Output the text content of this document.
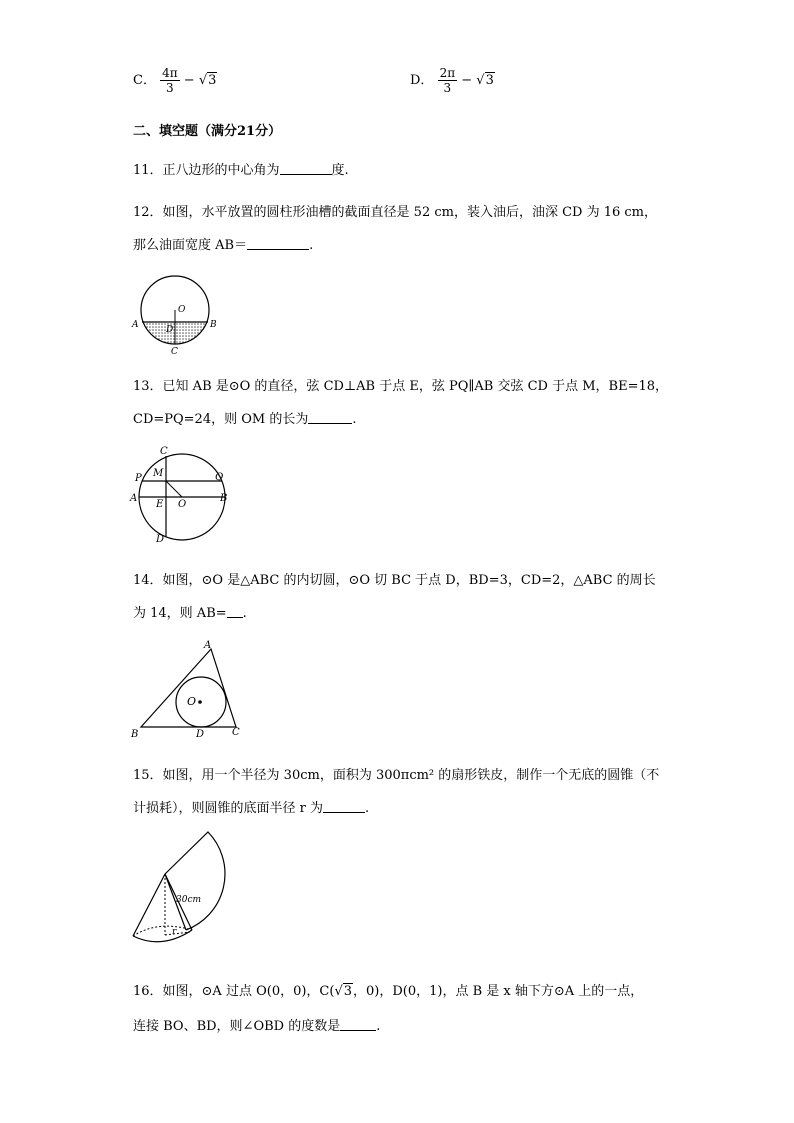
C． $\frac{4\pi}{3} - √3$	D． $\frac{2\pi}{3} - √3$
二、填空题（满分21分）
11．正八边形的中心角为	度.
12．如图，水平放置的圆柱形油槽的截面直径是 52 cm，装入油后，油深 CD 为 16 cm，
那么油面宽度 AB＝	.
O
A	B
D
C
13．已知 AB 是⊙O 的直径，弦 CD⊥AB 于点 E，弦 PQ∥AB 交弦 CD 于点 M，BE=18，
CD=PQ=24，则 OM 的长为	.
C
P M	Q
A
E O
B
D
14．如图，⊙O 是△ABC 的内切圆，⊙O 切 BC 于点 D，BD=3，CD=2，△ABC 的周长
为 14，则 AB= .
A
O
B	D	C
15．如图，用一个半径为 30cm，面积为 300πcm² 的扇形铁皮，制作一个无底的圆锥（不
计损耗），则圆锥的底面半径 r 为	.
30cm
r
16．如图，⊙A 过点 O(0，0)，C(√3，0)，D(0，1)，点 B 是 x 轴下方⊙A 上的一点，
连接 BO、BD，则∠OBD 的度数是	.
